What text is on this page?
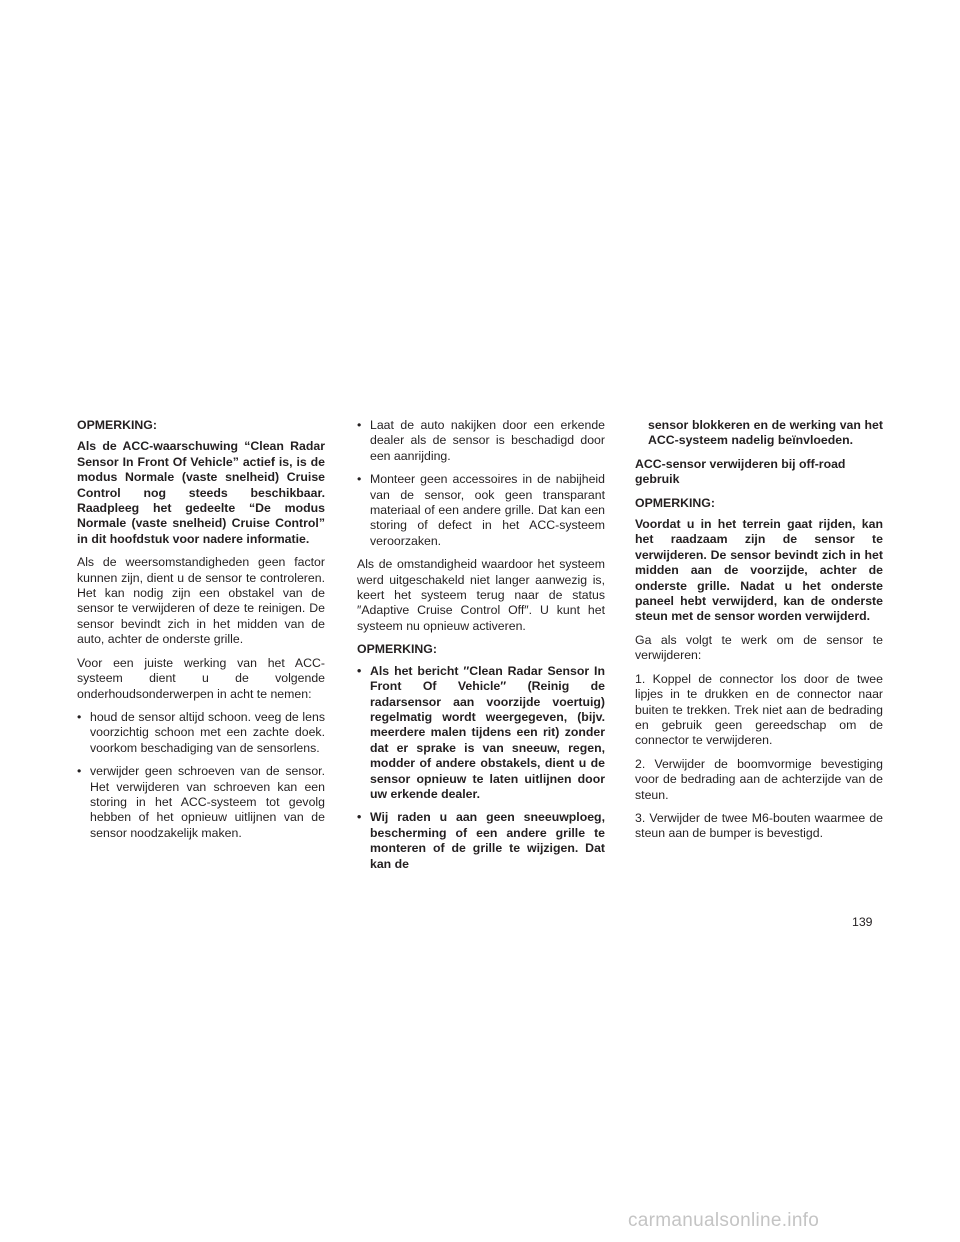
OPMERKING:

Als de ACC-waarschuwing “Clean Radar Sensor In Front Of Vehicle” actief is, is de modus Normale (vaste snelheid) Cruise Control nog steeds beschikbaar. Raadpleeg het gedeelte “De modus Normale (vaste snelheid) Cruise Control” in dit hoofdstuk voor nadere informatie.

Als de weersomstandigheden geen factor kunnen zijn, dient u de sensor te controleren. Het kan nodig zijn een obstakel van de sensor te verwijderen of deze te reinigen. De sensor bevindt zich in het midden van de auto, achter de onderste grille.

Voor een juiste werking van het ACC-systeem dient u de volgende onderhoudsonderwerpen in acht te nemen:

• houd de sensor altijd schoon. veeg de lens voorzichtig schoon met een zachte doek. voorkom beschadiging van de sensorlens.
• verwijder geen schroeven van de sensor. Het verwijderen van schroeven kan een storing in het ACC-systeem tot gevolg hebben of het opnieuw uitlijnen van de sensor noodzakelijk maken.
• Laat de auto nakijken door een erkende dealer als de sensor is beschadigd door een aanrijding.
• Monteer geen accessoires in de nabijheid van de sensor, ook geen transparant materiaal of een andere grille. Dat kan een storing of defect in het ACC-systeem veroorzaken.

Als de omstandigheid waardoor het systeem werd uitgeschakeld niet langer aanwezig is, keert het systeem terug naar de status ″Adaptive Cruise Control Off″. U kunt het systeem nu opnieuw activeren.

OPMERKING:

• Als het bericht ″Clean Radar Sensor In Front Of Vehicle″ (Reinig de radarsensor aan voorzijde voertuig) regelmatig wordt weergegeven, (bijv. meerdere malen tijdens een rit) zonder dat er sprake is van sneeuw, regen, modder of andere obstakels, dient u de sensor opnieuw te laten uitlijnen door uw erkende dealer.
• Wij raden u aan geen sneeuwploeg, bescherming of een andere grille te monteren of de grille te wijzigen. Dat kan de

sensor blokkeren en de werking van het ACC-systeem nadelig beïnvloeden.

ACC-sensor verwijderen bij off-road gebruik

OPMERKING:

Voordat u in het terrein gaat rijden, kan het raadzaam zijn de sensor te verwijderen. De sensor bevindt zich in het midden aan de voorzijde, achter de onderste grille. Nadat u het onderste paneel hebt verwijderd, kan de onderste steun met de sensor worden verwijderd.

Ga als volgt te werk om de sensor te verwijderen:

1. Koppel de connector los door de twee lipjes in te drukken en de connector naar buiten te trekken. Trek niet aan de bedrading en gebruik geen gereedschap om de connector te verwijderen.

2. Verwijder de boomvormige bevestiging voor de bedrading aan de achterzijde van de steun.

3. Verwijder de twee M6-bouten waarmee de steun aan de bumper is bevestigd.

139
carmanualsonline.info
